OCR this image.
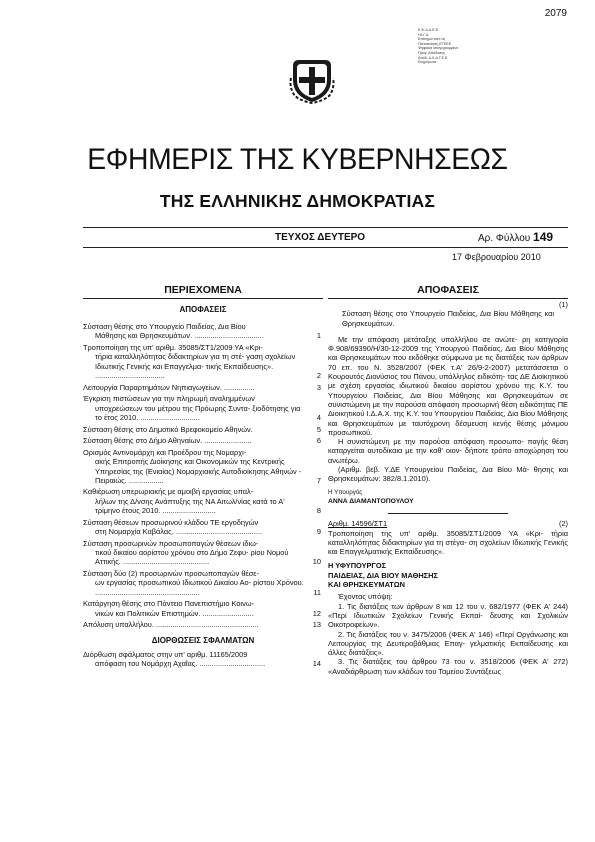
2079
Ε.Ψ.Δ.Δ.Ε.Ε.
Ηλ.Γ.Δ.
Επίσημοι από τις
Πιστοποίηση ΕΤΕΕΕ
Ψηφιακά υπογεγραμμένο
Προγ. Απόδοσης
Απόδ. Δ.Κ.Δ.Γ.Ε.Ε.
Ενημέρωσε
ΕΦΗΜΕΡΙΣ ΤΗΣ ΚΥΒΕΡΝΗΣΕΩΣ
ΤΗΣ ΕΛΛΗΝΙΚΗΣ ΔΗΜΟΚΡΑΤΙΑΣ
ΤΕΥΧΟΣ ΔΕΥΤΕΡΟ	Αρ. Φύλλου 149
17 Φεβρουαρίου 2010
ΠΕΡΙΕΧΟΜΕΝΑ
ΑΠΟΦΑΣΕΙΣ
Σύσταση θέσης στο Υπουργείο Παιδείας, Δια Βίου
Μάθησης και Θρησκευμάτων. ..................................	1
Τροποποίηση της υπ' αριθμ. 35085/ΣΤ1/2009 ΥΑ «Κρι-
τήρια καταλληλότητας διδακτηρίων για τη στέ- γαση σχολείων Ιδιωτικής Γενικής και Επαγγελμα- τικής Εκπαίδευσης». ..................................	2
Λειτουργία Παραρτημάτων Νηπιαγωγείων. ...............	3
Έγκριση πιστώσεων για την πληρωμή αναλημμένων
υποχρεώσεων του μέτρου της Πρόωρης Συντα- ξιοδότησης για το έτος 2010. .............................	4
Σύσταση θέσης στο Δημοτικό Βρεφοκομείο Αθηνών.	5
Σύσταση θέσης στο Δήμο Αθηναίων. .......................	6
Ορισμός Αντινομάρχη και Προέδρου της Νομαρχι-
ακής Επιτροπής Διοίκησης και Οικονομικών της Κεντρικής Υπηρεσίας της (Ενιαίας) Νομαρχιακής Αυτοδιοίκησης Αθηνών - Πειραιώς. .................	7
Καθιέρωση υπερωριακής με αμοιβή εργασίας υπαλ-
λήλων της Δ/νσης Ανάπτυξης της ΝΑ Αιτωλ/νίας κατά το Α' τρίμηνο έτους 2010. ..........................	8
Σύσταση θέσεων προσωρινού κλάδου ΤΕ εργοδηγών
στη Νομαρχία Καβάλας. ..........................................	9
Σύσταση προσωρινών προσωποπαγών θέσεων ιδιω-
τικού δικαίου αορίστου χρόνου στο Δήμο Ζεφυ- ρίου Νομού Αττικής. ..........................................	10
Σύσταση δύο (2) προσωρινών προσωποπαγών θέσε-
ων εργασίας προσωπικού Ιδιωτικού Δικαίου Αο- ρίστου Χρόνου. ...................................................	11
Κατάργηση θέσης στο Πάντειο Πανεπιστήμιο Κοινω-
νικών και Πολιτικών Επιστημών. .........................	12
Απόλυση υπαλλήλου. ..................................................	13
ΔΙΟΡΘΩΣΕΙΣ ΣΦΑΛΜΑΤΩΝ
Διόρθωση σφάλματος στην υπ' αριθμ. 11165/2009
απόφαση του Νομάρχη Αχαΐας. ................................	14
ΑΠΟΦΑΣΕΙΣ

(1)

Σύσταση θέσης στο Υπουργείο Παιδείας, Δια Βίου Μάθησης και Θρησκευμάτων.

Με την απόφαση μετάταξης υπαλλήλου σε ανώτε- ρη κατηγορία Φ.908/69390/Η/30-12-2009 της Υπουργού Παιδείας, Δια Βίου Μάθησης και Θρησκευμάτων που εκδόθηκε σύμφωνα με τις διατάξεις των άρθρων 70 επ. του Ν. 3528/2007 (ΦΕΚ τ.Α' 26/9-2-2007) μετατάσσεται ο Κουρουτός Διονύσιος του Πάνου, υπάλληλος ειδικότη- τας ΔΕ Διοικητικού με σχέση εργασίας ιδιωτικού δικαίου αορίστου χρόνου της Κ.Υ. του Υπουργείου Παιδείας, Δια Βίου Μάθησης και Θρησκευμάτων σε συνιστώμενη με την παρούσα απόφαση προσωρινή θέση ειδικότητας ΠΕ Διοικητικού Ι.Δ.Α.Χ. της Κ.Υ. του Υπουργείου Παιδείας, Δια Βίου Μάθησης και Θρησκευμάτων με ταυτόχρονη δέσμευση κενής θέσης μόνιμου προσωπικού.

Η συνιστώμενη με την παρούσα απόφαση προσωπο- παγής θέση καταργείται αυτοδίκαια με την καθ' οιον- δήποτε τρόπο αποχώρηση του ανωτέρω.

(Αριθμ. βεβ. Υ.ΔΕ Υπουργείου Παιδείας, Δια Βίου Μά- θησης και Θρησκευμάτων: 382/8.1.2010).

Η Υπουργός

ΑΝΝΑ ΔΙΑΜΑΝΤΟΠΟΥΛΟΥ

Αριθμ. 14596/ΣΤ1	(2)

Τροποποίηση της υπ' αριθμ. 35085/ΣΤ1/2009 ΥΑ «Κρι- τήρια καταλληλότητας διδακτηρίων για τη στέγα- ση σχολείων Ιδιωτικής Γενικής και Επαγγελματικής Εκπαίδευσης».

Η ΥΦΥΠΟΥΡΓΟΣ

ΠΑΙΔΕΙΑΣ, ΔΙΑ ΒΙΟΥ ΜΑΘΗΣΗΣ

ΚΑΙ ΘΡΗΣΚΕΥΜΑΤΩΝ

Έχοντας υπόψη:

1. Τις διατάξεις των άρθρων 8 και 12 του ν. 682/1977 (ΦΕΚ Α' 244) «Περί Ιδιωτικών Σχολείων Γενικής Εκπαί- δευσης και Σχολικών Οικοτροφείων».

2. Τις διατάξεις του ν. 3475/2006 (ΦΕΚ Α' 146) «Περί Οργάνωσης και Λειτουργίας της Δευτεροβάθμιας Επαγ- γελματικής Εκπαίδευσης και άλλες διατάξεις».

3. Τις διατάξεις του άρθρου 73 του ν. 3518/2006 (ΦΕΚ Α' 272) «Αναδιάρθρωση των κλάδων του Ταμείου Συντάξεως
